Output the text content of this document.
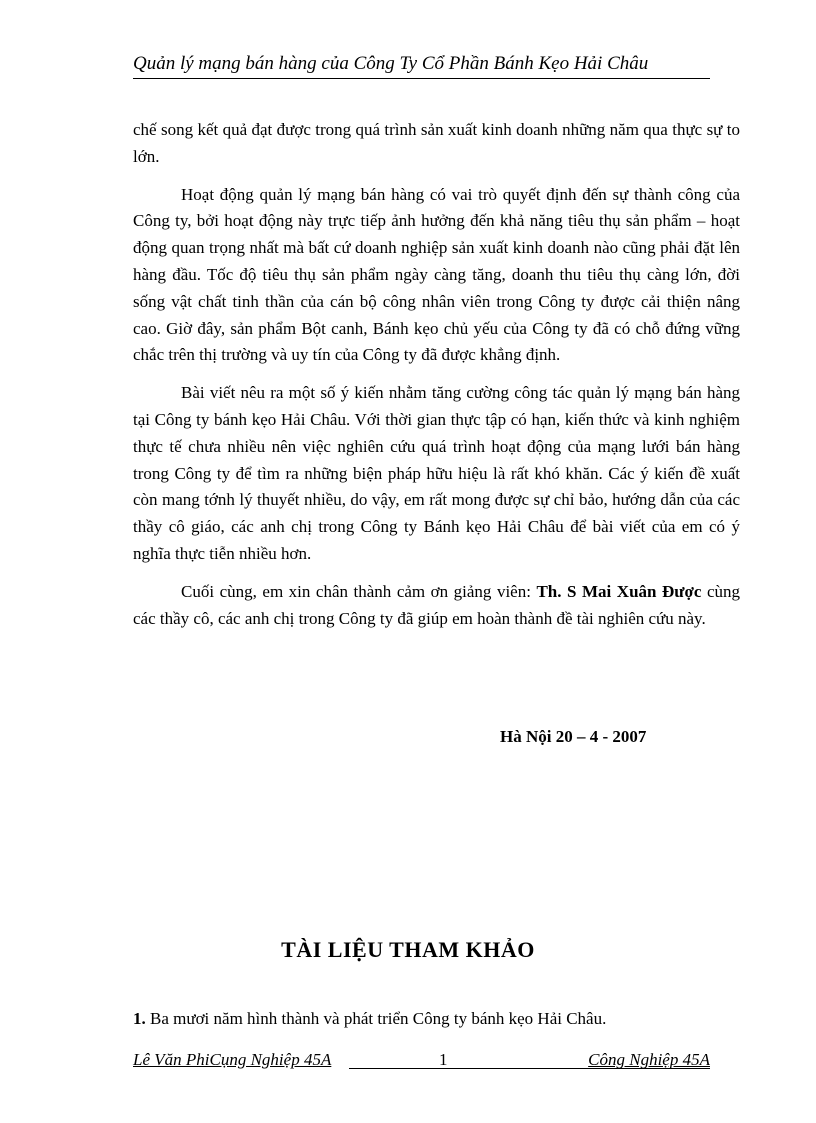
Quản lý mạng bán hàng của Công Ty Cổ Phần Bánh Kẹo Hải Châu

chế song kết quả đạt được trong quá trình sản xuất kinh doanh những năm qua thực sự to lớn.

Hoạt động quản lý mạng bán hàng có vai trò quyết định đến sự thành công của Công ty, bởi hoạt động này trực tiếp ảnh hưởng đến khả năng tiêu thụ sản phẩm – hoạt động quan trọng nhất mà bất cứ doanh nghiệp sản xuất kinh doanh nào cũng phải đặt lên hàng đầu. Tốc độ tiêu thụ sản phẩm ngày càng tăng, doanh thu tiêu thụ càng lớn, đời sống vật chất tinh thần của cán bộ công nhân viên trong Công ty được cải thiện nâng cao. Giờ đây, sản phẩm Bột canh, Bánh kẹo chủ yếu của Công ty đã có chỗ đứng vững chắc trên thị trường và uy tín của Công ty đã được khẳng định.

Bài viết nêu ra một số ý kiến nhằm tăng cường công tác quản lý mạng bán hàng tại Công ty bánh kẹo Hải Châu. Với thời gian thực tập có hạn, kiến thức và kinh nghiệm thực tế chưa nhiều nên việc nghiên cứu quá trình hoạt động của mạng lưới bán hàng trong Công ty để tìm ra những biện pháp hữu hiệu là rất khó khăn. Các ý kiến đề xuất còn mang tớnh lý thuyết nhiều, do vậy, em rất mong được sự chỉ bảo, hướng dẫn của các thầy cô giáo, các anh chị trong Công ty Bánh kẹo Hải Châu để bài viết của em có ý nghĩa thực tiễn nhiều hơn.

Cuối cùng, em xin chân thành cảm ơn giảng viên: Th. S Mai Xuân Được cùng các thầy cô, các anh chị trong Công ty đã giúp em hoàn thành đề tài nghiên cứu này.

Hà Nội 20 – 4 - 2007
TÀI LIỆU THAM KHẢO
1. Ba mươi năm hình thành và phát triển Công ty bánh kẹo Hải Châu.
Lê Văn PhiCụng Nghiệp 45A	1	Công Nghiệp 45A
